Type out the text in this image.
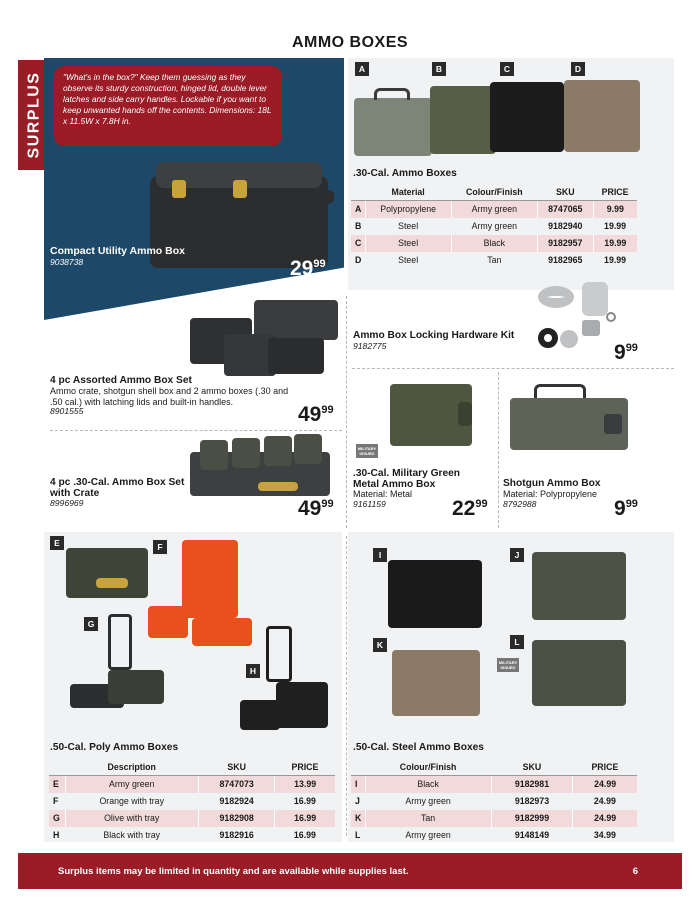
AMMO BOXES
SURPLUS	"What's in the box?" Keep them guessing as they observe its sturdy construction, hinged lid, double lever latches and side carry handles. Lockable if you want to keep unwanted hands off the contents. Dimensions: 18L x 11.5W x 7.8H in.
Compact Utility Ammo Box
9038738	$29^{99}$
A	B	C	D
.30-Cal. Ammo Boxes
	Material	Colour/Finish	SKU	PRICE
A	Polypropylene	Army green	8747065	9.99
B	Steel	Army green	9182940	19.99
C	Steel	Black	9182957	19.99
D	Steel	Tan	9182965	19.99
4 pc Assorted Ammo Box Set
Ammo crate, shotgun shell box and 2 ammo boxes (.30 and .50 cal.) with latching lids and built-in handles.
8901555	$49^{99}$
Ammo Box Locking Hardware Kit
9182775	$9^{99}$
4 pc .30-Cal. Ammo Box Set with Crate
8996969	$49^{99}$
MILITARY ISSUED
.30-Cal. Military Green Metal Ammo Box
Material: Metal
9161159	$22^{99}$
Shotgun Ammo Box
Material: Polypropylene
8792988	$9^{99}$
E	F
G
H
.50-Cal. Poly Ammo Boxes
	Description	SKU	PRICE
E	Army green	8747073	13.99
F	Orange with tray	9182924	16.99
G	Olive with tray	9182908	16.99
H	Black with tray	9182916	16.99
I	J
K	L
MILITARY ISSUED
.50-Cal. Steel Ammo Boxes
	Colour/Finish	SKU	PRICE
I	Black	9182981	24.99
J	Army green	9182973	24.99
K	Tan	9182999	24.99
L	Army green	9148149	34.99
Surplus items may be limited in quantity and are available while supplies last.	6
